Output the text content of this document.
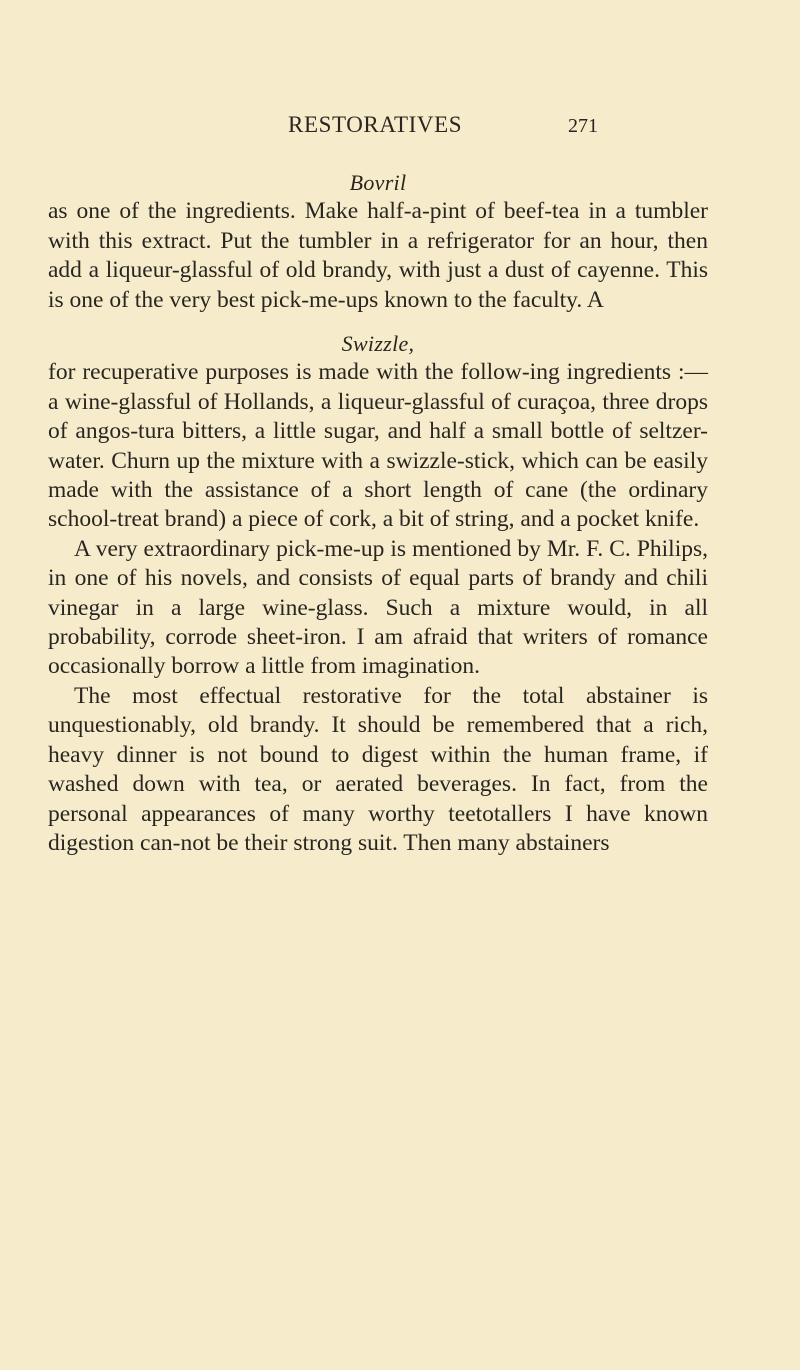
RESTORATIVES	271

Bovril

as one of the ingredients. Make half-a-pint of beef-tea in a tumbler with this extract. Put the tumbler in a refrigerator for an hour, then add a liqueur-glassful of old brandy, with just a dust of cayenne. This is one of the very best pick-me-ups known to the faculty. A

Swizzle,

for recuperative purposes is made with the follow-ing ingredients :—a wine-glassful of Hollands, a liqueur-glassful of curaçoa, three drops of angos-tura bitters, a little sugar, and half a small bottle of seltzer-water. Churn up the mixture with a swizzle-stick, which can be easily made with the assistance of a short length of cane (the ordinary school-treat brand) a piece of cork, a bit of string, and a pocket knife.

A very extraordinary pick-me-up is mentioned by Mr. F. C. Philips, in one of his novels, and consists of equal parts of brandy and chili vinegar in a large wine-glass. Such a mixture would, in all probability, corrode sheet-iron. I am afraid that writers of romance occasionally borrow a little from imagination.

The most effectual restorative for the total abstainer is unquestionably, old brandy. It should be remembered that a rich, heavy dinner is not bound to digest within the human frame, if washed down with tea, or aerated beverages. In fact, from the personal appearances of many worthy teetotallers I have known digestion can-not be their strong suit. Then many abstainers
